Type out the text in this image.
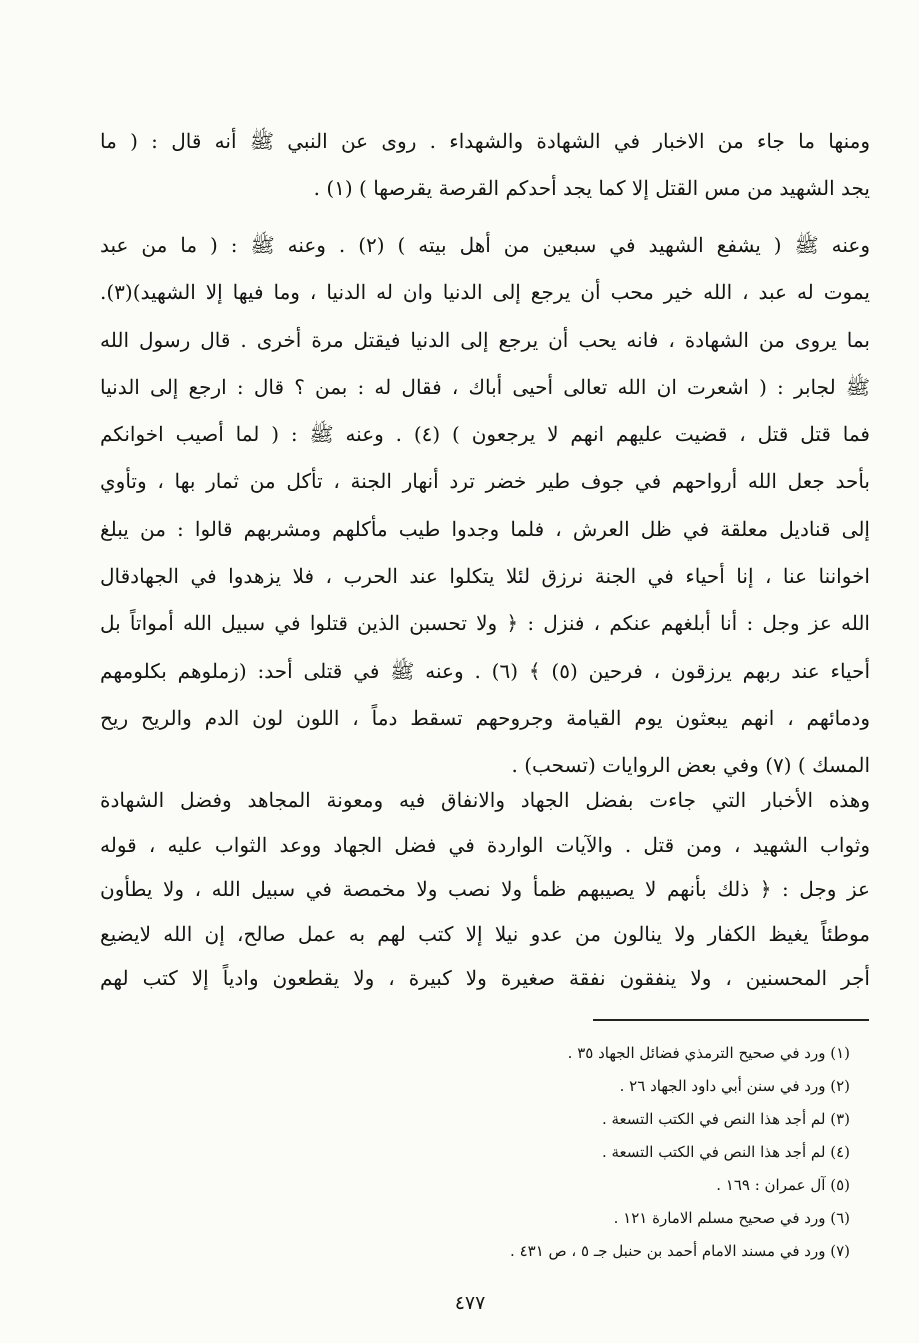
ومنها ما جاء من الاخبار في الشهادة والشهداء . روى عن النبي ﷺ أنه قال : ( ما
يجد الشهيد من مس القتل إلا كما يجد أحدكم القرصة يقرصها ) (١) .
وعنه ﷺ ( يشفع الشهيد في سبعين من أهل بيته ) (٢) . وعنه ﷺ : ( ما من عبد
يموت له عبد ، الله خير محب أن يرجع إلى الدنيا وان له الدنيا ، وما فيها إلا الشهيد)(٣).
بما يروى من الشهادة ، فانه يحب أن يرجع إلى الدنيا فيقتل مرة أخرى . قال رسول الله
ﷺ لجابر : ( اشعرت ان الله تعالى أحيى أباك ، فقال له : بمن ؟ قال : ارجع إلى الدنيا
فما قتل قتل ، قضيت عليهم انهم لا يرجعون ) (٤) . وعنه ﷺ : ( لما أصيب اخوانكم
بأحد جعل الله أرواحهم في جوف طير خضر ترد أنهار الجنة ، تأكل من ثمار بها ، وتأوي
إلى قناديل معلقة في ظل العرش ، فلما وجدوا طيب مأكلهم ومشربهم قالوا : من يبلغ
اخواننا عنا ، إنا أحياء في الجنة نرزق لئلا يتكلوا عند الحرب ، فلا يزهدوا في الجهادقال
الله عز وجل : أنا أبلغهم عنكم ، فنزل : ﴿ ولا تحسبن الذين قتلوا في سبيل الله أمواتاً بل
أحياء عند ربهم يرزقون ، فرحين (٥) ﴾ (٦) . وعنه ﷺ في قتلى أحد: (زملوهم بكلومهم
ودمائهم ، انهم يبعثون يوم القيامة وجروحهم تسقط دماً ، اللون لون الدم والريح ريح
المسك ) (٧) وفي بعض الروايات (تسحب) .
وهذه الأخبار التي جاءت بفضل الجهاد والانفاق فيه ومعونة المجاهد وفضل الشهادة
وثواب الشهيد ، ومن قتل . والآيات الواردة في فضل الجهاد ووعد الثواب عليه ، قوله
عز وجل : ﴿ ذلك بأنهم لا يصيبهم ظمأ ولا نصب ولا مخمصة في سبيل الله ، ولا يطأون
موطئاً يغيظ الكفار ولا ينالون من عدو نيلا إلا كتب لهم به عمل صالح، إن الله لايضيع
أجر المحسنين ، ولا ينفقون نفقة صغيرة ولا كبيرة ، ولا يقطعون وادياً إلا كتب لهم
(١) ورد في صحيح الترمذي فضائل الجهاد ٣٥ .
(٢) ورد في سنن أبي داود الجهاد ٢٦ .
(٣) لم أجد هذا النص في الكتب التسعة .
(٤) لم أجد هذا النص في الكتب التسعة .
(٥) آل عمران : ١٦٩ .
(٦) ورد في صحيح مسلم الامارة ١٢١ .
(٧) ورد في مسند الامام أحمد بن حنبل جـ ٥ ، ص ٤٣١ .
٤٧٧
